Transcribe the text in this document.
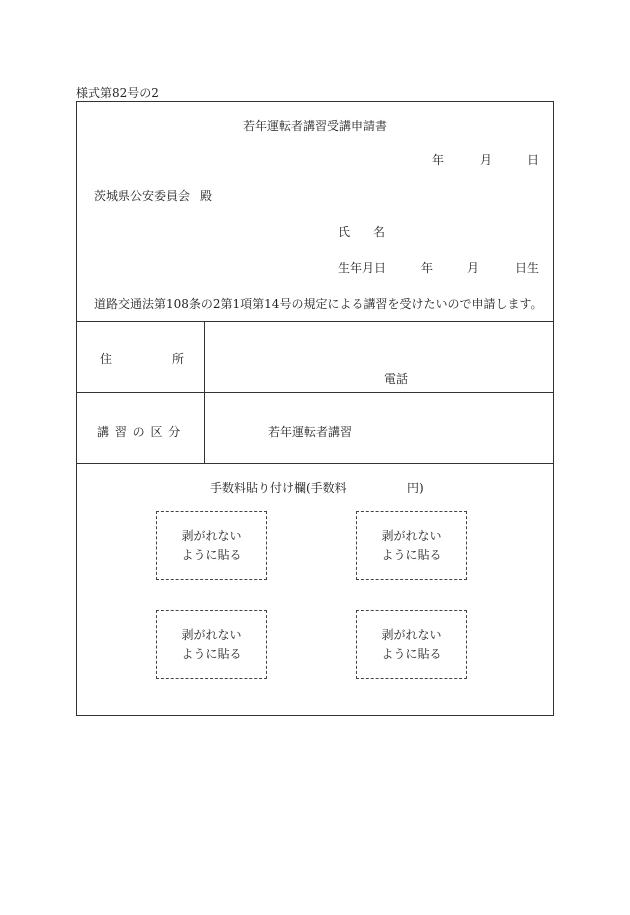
様式第82号の2
若年運転者講習受講申請書
年	月	日
茨城県公安委員会 殿
氏 名
生年月日	年	月	日生
道路交通法第108条の2第1項第14号の規定による講習を受けたいので申請します。
住	所
電話
講 習 の 区 分	若年運転者講習
手数料貼り付け欄(手数料	円)
剥がれない
ように貼る
剥がれない
ように貼る
剥がれない
ように貼る
剥がれない
ように貼る
